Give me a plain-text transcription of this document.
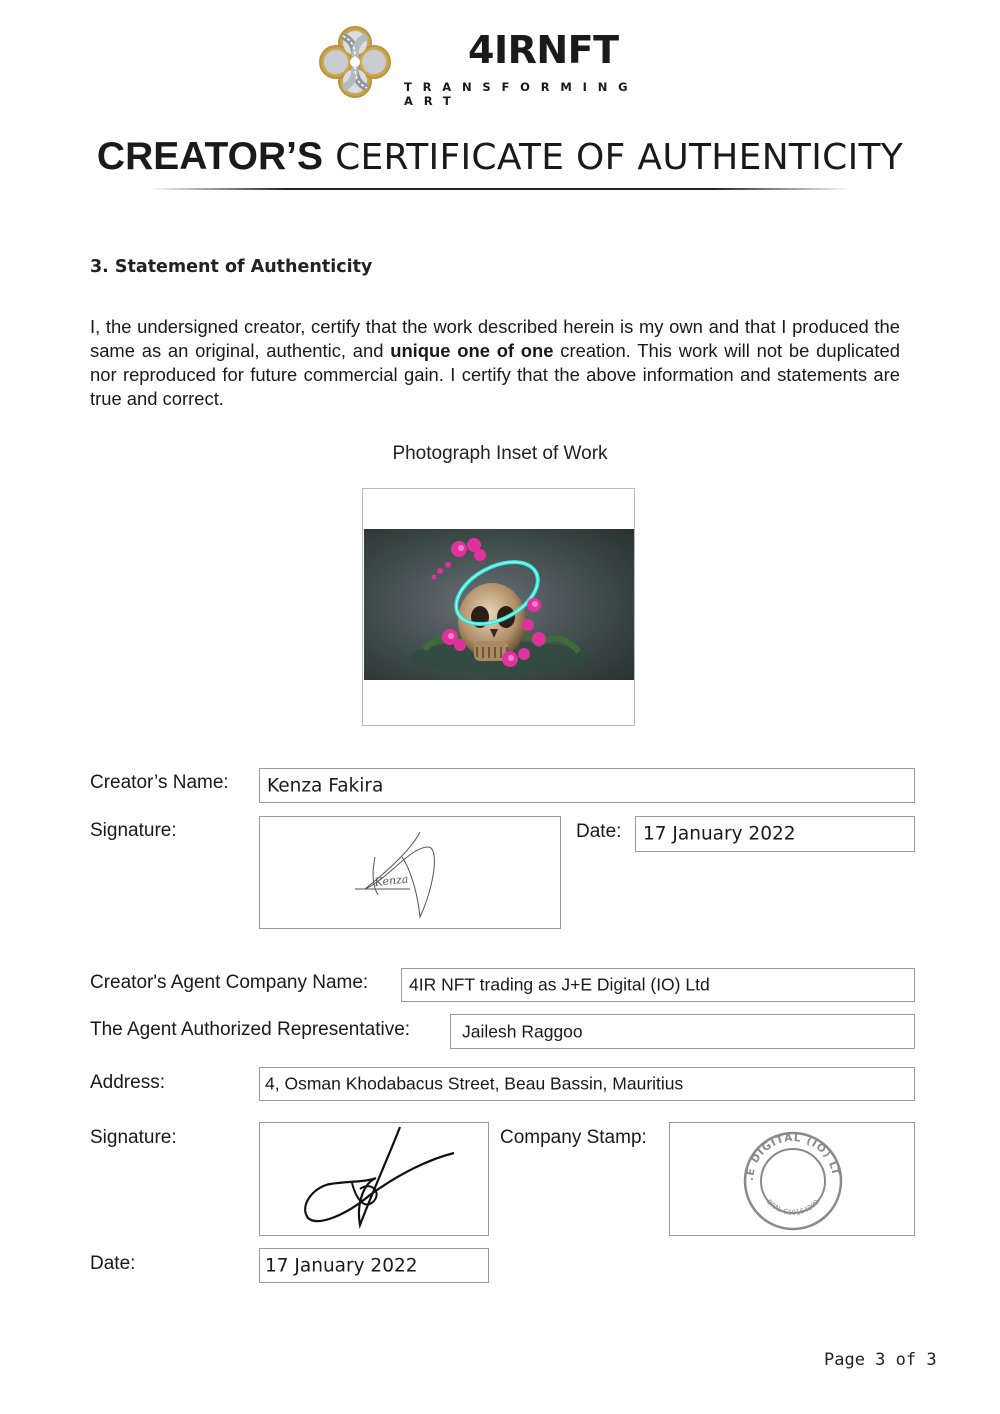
4IRNFT
TRANSFORMING ART
CREATOR’S CERTIFICATE OF AUTHENTICITY
3. Statement of Authenticity
I, the undersigned creator, certify that the work described herein is my own and that I produced the same as an original, authentic, and unique one of one creation. This work will not be duplicated nor reproduced for future commercial gain. I certify that the above information and statements are true and correct.
Photograph Inset of Work
Creator’s Name: Kenza Fakira
Signature:
Kenza
Date: 17 January 2022
Creator's Agent Company Name: 4IR NFT trading as J+E Digital (IO) Ltd
The Agent Authorized Representative:	Jailesh Raggoo
Address:	4, Osman Khodabacus Street, Beau Bassin, Mauritius
Signature:	Company Stamp:
.E DIGITAL (IO) LT
BRN: C19164809
Date:	17 January 2022
Page 3 of 3
